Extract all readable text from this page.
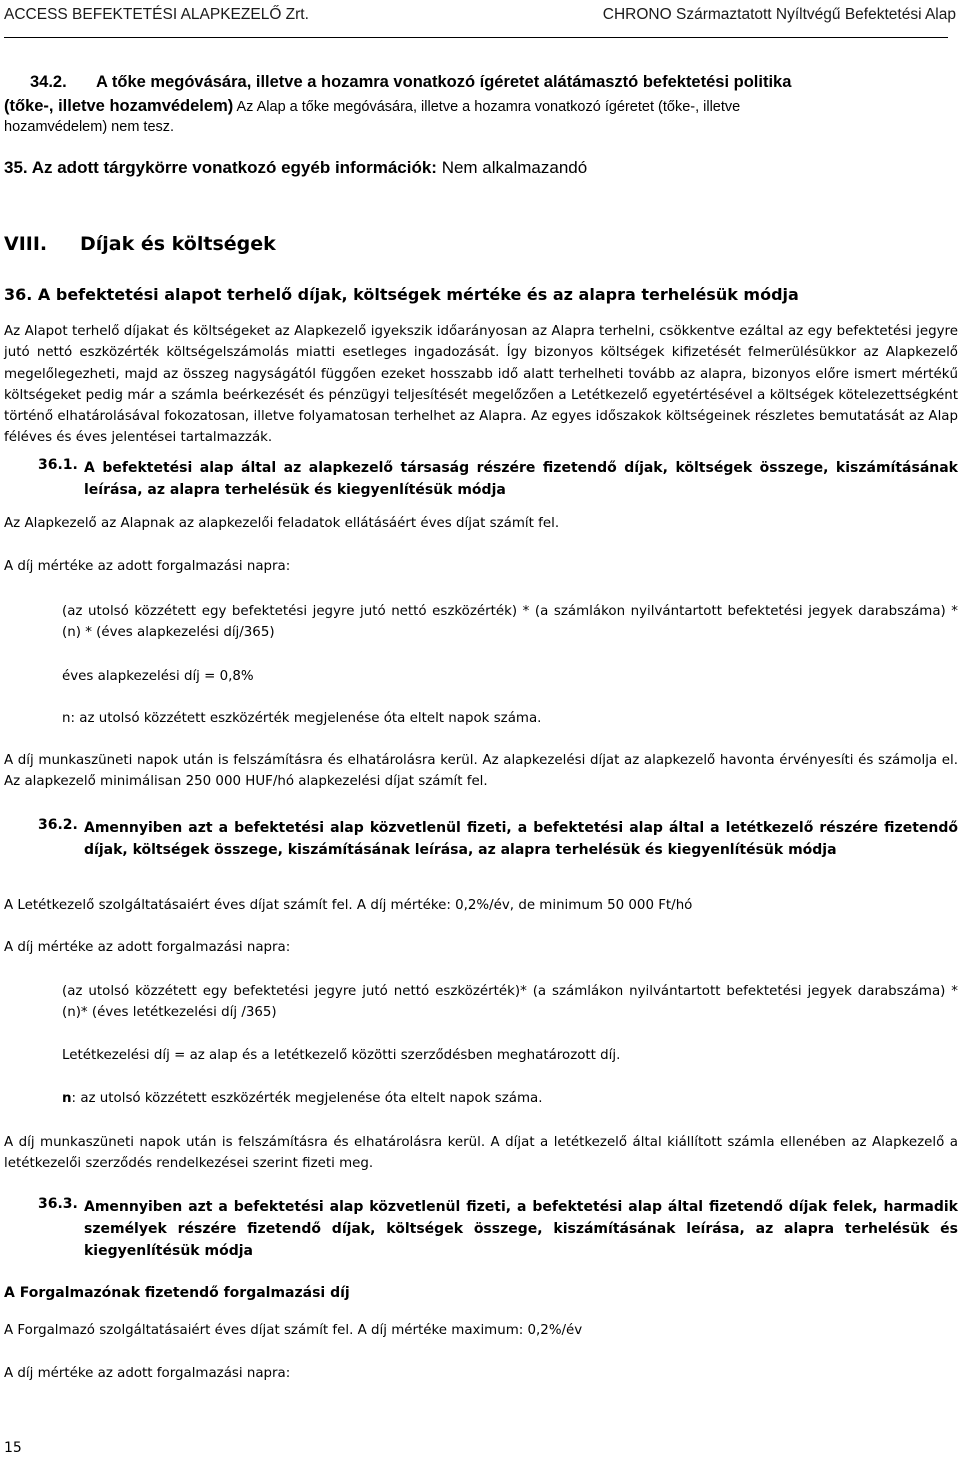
ACCESS BEFEKTETÉSI ALAPKEZELŐ Zrt.	CHRONO Származtatott Nyíltvégű Befektetési Alap
34.2. A tőke megóvására, illetve a hozamra vonatkozó ígéretet alátámasztó befektetési politika
(tőke-, illetve hozamvédelem) Az Alap a tőke megóvására, illetve a hozamra vonatkozó ígéretet (tőke-, illetve
hozamvédelem) nem tesz.
35. Az adott tárgykörre vonatkozó egyéb információk: Nem alkalmazandó
VIII. Díjak és költségek
36. A befektetési alapot terhelő díjak, költségek mértéke és az alapra terhelésük módja
Az Alapot terhelő díjakat és költségeket az Alapkezelő igyekszik időarányosan az Alapra terhelni, csökkentve ezáltal az egy befektetési jegyre jutó nettó eszközérték költségelszámolás miatti esetleges ingadozását. Így bizonyos költségek kifizetését felmerülésükkor az Alapkezelő megelőlegezheti, majd az összeg nagyságától függően ezeket hosszabb idő alatt terhelheti tovább az alapra, bizonyos előre ismert mértékű költségeket pedig már a számla beérkezését és pénzügyi teljesítését megelőzően a Letétkezelő egyetértésével a költségek kötelezettségként történő elhatárolásával fokozatosan, illetve folyamatosan terhelhet az Alapra. Az egyes időszakok költségeinek részletes bemutatását az Alap féléves és éves jelentései tartalmazzák.
36.1. A befektetési alap által az alapkezelő társaság részére fizetendő díjak, költségek összege, kiszámításának leírása, az alapra terhelésük és kiegyenlítésük módja
Az Alapkezelő az Alapnak az alapkezelői feladatok ellátásáért éves díjat számít fel.
A díj mértéke az adott forgalmazási napra:
(az utolsó közzétett egy befektetési jegyre jutó nettó eszközérték) * (a számlákon nyilvántartott befektetési jegyek darabszáma) * (n) * (éves alapkezelési díj/365)
éves alapkezelési díj = 0,8%
n: az utolsó közzétett eszközérték megjelenése óta eltelt napok száma.
A díj munkaszüneti napok után is felszámításra és elhatárolásra kerül. Az alapkezelési díjat az alapkezelő havonta érvényesíti és számolja el. Az alapkezelő minimálisan 250 000 HUF/hó alapkezelési díjat számít fel.
36.2. Amennyiben azt a befektetési alap közvetlenül fizeti, a befektetési alap által a letétkezelő részére fizetendő díjak, költségek összege, kiszámításának leírása, az alapra terhelésük és kiegyenlítésük módja
A Letétkezelő szolgáltatásaiért éves díjat számít fel. A díj mértéke: 0,2%/év, de minimum 50 000 Ft/hó
A díj mértéke az adott forgalmazási napra:
(az utolsó közzétett egy befektetési jegyre jutó nettó eszközérték)* (a számlákon nyilvántartott befektetési jegyek darabszáma) * (n)* (éves letétkezelési díj /365)
Letétkezelési díj = az alap és a letétkezelő közötti szerződésben meghatározott díj.
n: az utolsó közzétett eszközérték megjelenése óta eltelt napok száma.
A díj munkaszüneti napok után is felszámításra és elhatárolásra kerül. A díjat a letétkezelő által kiállított számla ellenében az Alapkezelő a letétkezelői szerződés rendelkezései szerint fizeti meg.
36.3. Amennyiben azt a befektetési alap közvetlenül fizeti, a befektetési alap által fizetendő díjak felek, harmadik személyek részére fizetendő díjak, költségek összege, kiszámításának leírása, az alapra terhelésük és kiegyenlítésük módja
A Forgalmazónak fizetendő forgalmazási díj
A Forgalmazó szolgáltatásaiért éves díjat számít fel. A díj mértéke maximum: 0,2%/év
A díj mértéke az adott forgalmazási napra:
15
